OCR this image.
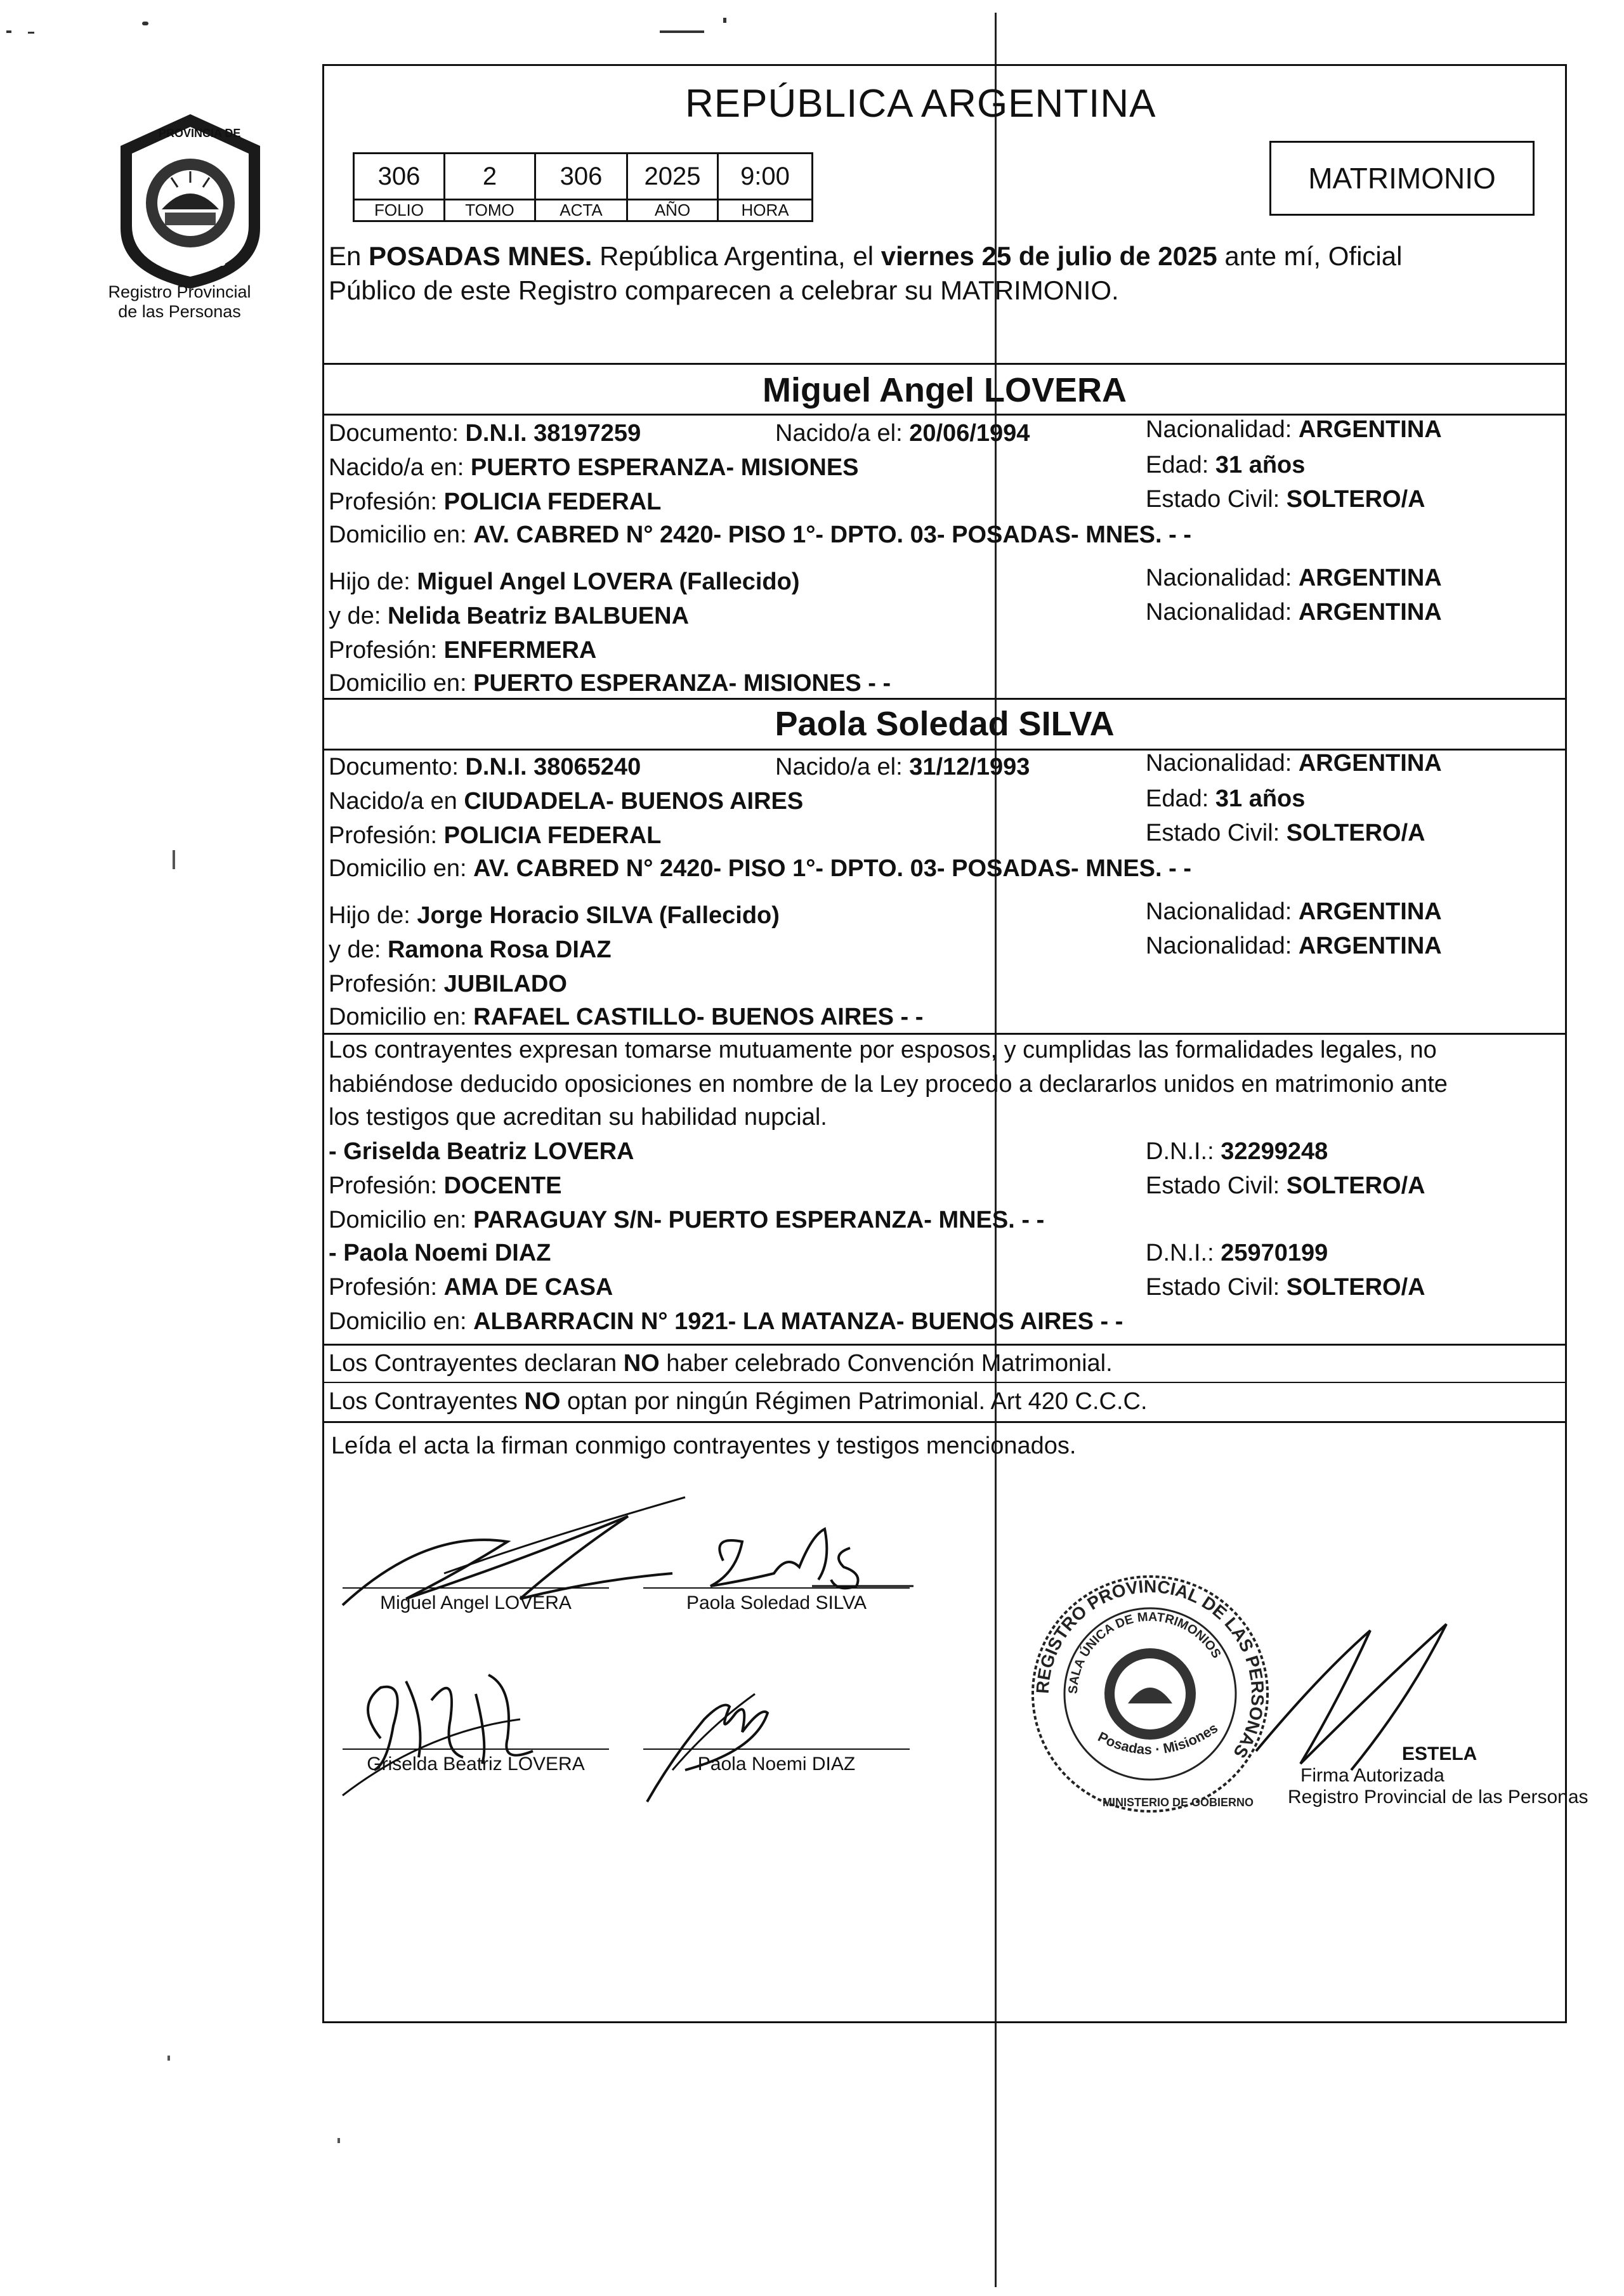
PROVINCIA DE
MISIONES
Registro Provincial
de las Personas
REPÚBLICA ARGENTINA
306	2	306	2025	9:00
FOLIO	TOMO	ACTA	AÑO	HORA
MATRIMONIO
En POSADAS MNES. República Argentina, el viernes 25 de julio de 2025 ante mí, Oficial
Público de este Registro comparecen a celebrar su MATRIMONIO.
Miguel Angel LOVERA
Documento: D.N.I. 38197259	Nacido/a el: 20/06/1994	Nacionalidad: ARGENTINA
Nacido/a en: PUERTO ESPERANZA- MISIONES	Edad: 31 años
Profesión: POLICIA FEDERAL	Estado Civil: SOLTERO/A
Domicilio en: AV. CABRED N° 2420- PISO 1°- DPTO. 03- POSADAS- MNES. - -
Hijo de: Miguel Angel LOVERA (Fallecido)	Nacionalidad: ARGENTINA
y de: Nelida Beatriz BALBUENA	Nacionalidad: ARGENTINA
Profesión: ENFERMERA
Domicilio en: PUERTO ESPERANZA- MISIONES - -
Paola Soledad SILVA
Documento: D.N.I. 38065240	Nacido/a el: 31/12/1993	Nacionalidad: ARGENTINA
Nacido/a en CIUDADELA- BUENOS AIRES	Edad: 31 años
Profesión: POLICIA FEDERAL	Estado Civil: SOLTERO/A
Domicilio en: AV. CABRED N° 2420- PISO 1°- DPTO. 03- POSADAS- MNES. - -
Hijo de: Jorge Horacio SILVA (Fallecido)	Nacionalidad: ARGENTINA
y de: Ramona Rosa DIAZ	Nacionalidad: ARGENTINA
Profesión: JUBILADO
Domicilio en: RAFAEL CASTILLO- BUENOS AIRES - -
Los contrayentes expresan tomarse mutuamente por esposos, y cumplidas las formalidades legales, no
habiéndose deducido oposiciones en nombre de la Ley procedo a declararlos unidos en matrimonio ante
los testigos que acreditan su habilidad nupcial.
- Griselda Beatriz LOVERA	D.N.I.: 32299248
Profesión: DOCENTE	Estado Civil: SOLTERO/A
Domicilio en: PARAGUAY S/N- PUERTO ESPERANZA- MNES. - -
- Paola Noemi DIAZ	D.N.I.: 25970199
Profesión: AMA DE CASA	Estado Civil: SOLTERO/A
Domicilio en: ALBARRACIN N° 1921- LA MATANZA- BUENOS AIRES - -
Los Contrayentes declaran NO haber celebrado Convención Matrimonial.
Los Contrayentes NO optan por ningún Régimen Patrimonial. Art 420 C.C.C.
Leída el acta la firman conmigo contrayentes y testigos mencionados.
Miguel Angel LOVERA	Paola Soledad SILVA
Griselda Beatriz LOVERA	Paola Noemi DIAZ
REGISTRO PROVINCIAL DE LAS PERSONAS
SALA ÚNICA DE MATRIMONIOS
Posadas · Misiones
MINISTERIO DE GOBIERNO
ESTELA
Firma Autorizada
Registro Provincial de las Personas
